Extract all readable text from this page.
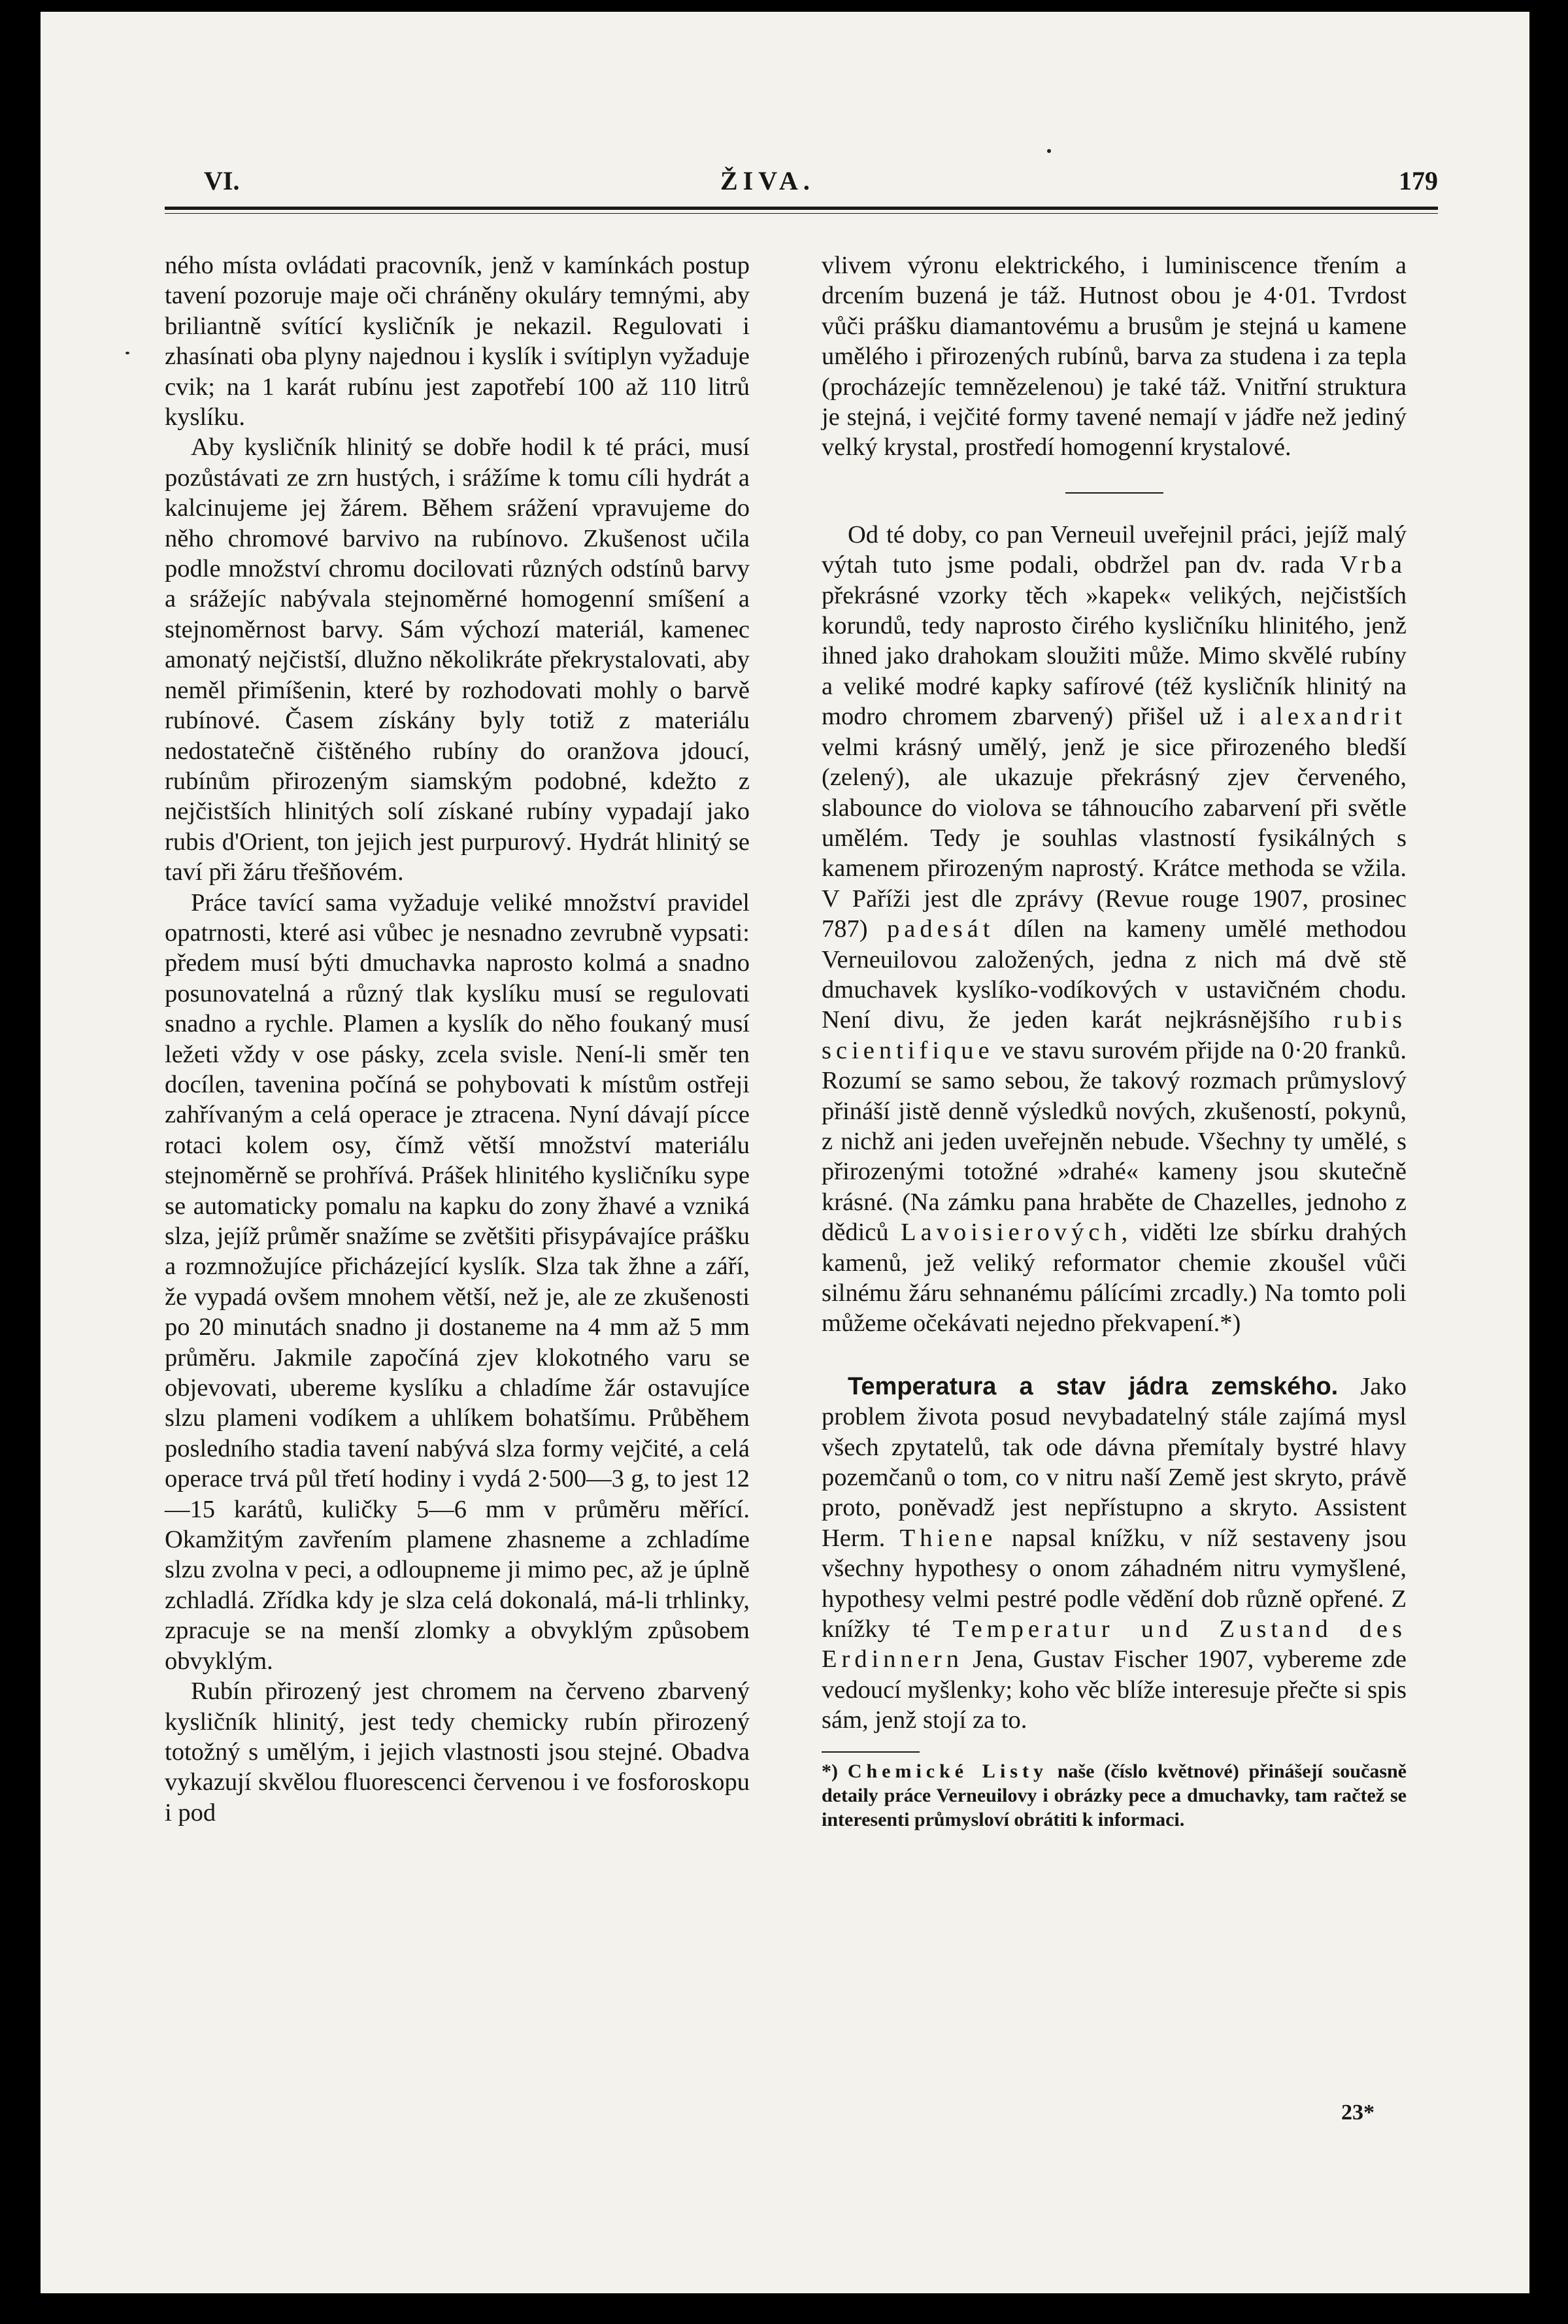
VI.	ŽIVA.	179

ného místa ovládati pracovník, jenž v kamínkách postup tavení pozoruje maje oči chráněny okuláry temnými, aby briliantně svítící kysličník je nekazil. Regulovati i zhasínati oba plyny najednou i kyslík i svítiplyn vyžaduje cvik; na 1 karát rubínu jest zapotřebí 100 až 110 litrů kyslíku.

Aby kysličník hlinitý se dobře hodil k té práci, musí pozůstávati ze zrn hustých, i srážíme k tomu cíli hydrát a kalcinujeme jej žárem. Během srážení vpravujeme do něho chromové barvivo na rubínovo. Zkušenost učila podle množství chromu docilovati různých odstínů barvy a srážejíc nabývala stejnoměrné homogenní smíšení a stejnoměrnost barvy. Sám výchozí materiál, kamenec amonatý nejčistší, dlužno několikráte překrystalovati, aby neměl přimíšenin, které by rozhodovati mohly o barvě rubínové. Časem získány byly totiž z materiálu nedostatečně čištěného rubíny do oranžova jdoucí, rubínům přirozeným siamským podobné, kdežto z nejčistších hlinitých solí získané rubíny vypadají jako rubis d'Orient, ton jejich jest purpurový. Hydrát hlinitý se taví při žáru třešňovém.

Práce tavící sama vyžaduje veliké množství pravidel opatrnosti, které asi vůbec je nesnadno zevrubně vypsati: předem musí býti dmuchavka naprosto kolmá a snadno posunovatelná a různý tlak kyslíku musí se regulovati snadno a rychle. Plamen a kyslík do něho foukaný musí ležeti vždy v ose pásky, zcela svisle. Není-li směr ten docílen, tavenina počíná se pohybovati k místům ostřeji zahřívaným a celá operace je ztracena. Nyní dávají pícce rotaci kolem osy, čímž větší množství materiálu stejnoměrně se prohřívá. Prášek hlinitého kysličníku sype se automaticky pomalu na kapku do zony žhavé a vzniká slza, jejíž průměr snažíme se zvětšiti přisypávajíce prášku a rozmnožujíce přicházející kyslík. Slza tak žhne a září, že vypadá ovšem mnohem větší, než je, ale ze zkušenosti po 20 minutách snadno ji dostaneme na 4 mm až 5 mm průměru. Jakmile započíná zjev klokotného varu se objevovati, ubereme kyslíku a chladíme žár ostavujíce slzu plameni vodíkem a uhlíkem bohatšímu. Průběhem posledního stadia tavení nabývá slza formy vejčité, a celá operace trvá půl třetí hodiny i vydá 2·500—3 g, to jest 12—15 karátů, kuličky 5—6 mm v průměru měřící. Okamžitým zavřením plamene zhasneme a zchladíme slzu zvolna v peci, a odloupneme ji mimo pec, až je úplně zchladlá. Zřídka kdy je slza celá dokonalá, má-li trhlinky, zpracuje se na menší zlomky a obvyklým způsobem obvyklým.

Rubín přirozený jest chromem na červeno zbarvený kysličník hlinitý, jest tedy chemicky rubín přirozený totožný s umělým, i jejich vlastnosti jsou stejné. Obadva vykazují skvělou fluorescenci červenou i ve fosforoskopu i pod

vlivem výronu elektrického, i luminiscence třením a drcením buzená je táž. Hutnost obou je 4·01. Tvrdost vůči prášku diamantovému a brusům je stejná u kamene umělého i přirozených rubínů, barva za studena i za tepla (procházejíc temnězelenou) je také táž. Vnitřní struktura je stejná, i vejčité formy tavené nemají v jádře než jediný velký krystal, prostředí homogenní krystalové.

Od té doby, co pan Verneuil uveřejnil práci, jejíž malý výtah tuto jsme podali, obdržel pan dv. rada Vrba překrásné vzorky těch »kapek« velikých, nejčistších korundů, tedy naprosto čirého kysličníku hlinitého, jenž ihned jako drahokam sloužiti může. Mimo skvělé rubíny a veliké modré kapky safírové (též kysličník hlinitý na modro chromem zbarvený) přišel už i alexandrit velmi krásný umělý, jenž je sice přirozeného bledší (zelený), ale ukazuje překrásný zjev červeného, slabounce do violova se táhnoucího zabarvení při světle umělém. Tedy je souhlas vlastností fysikálných s kamenem přirozeným naprostý. Krátce methoda se vžila. V Paříži jest dle zprávy (Revue rouge 1907, prosinec 787) padesát dílen na kameny umělé methodou Verneuilovou založených, jedna z nich má dvě stě dmuchavek kyslíko-vodíkových v ustavičném chodu. Není divu, že jeden karát nejkrásnějšího rubis scientifique ve stavu surovém přijde na 0·20 franků. Rozumí se samo sebou, že takový rozmach průmyslový přináší jistě denně výsledků nových, zkušeností, pokynů, z nichž ani jeden uveřejněn nebude. Všechny ty umělé, s přirozenými totožné »drahé« kameny jsou skutečně krásné. (Na zámku pana hraběte de Chazelles, jednoho z dědiců Lavoisierových, viděti lze sbírku drahých kamenů, jež veliký reformator chemie zkoušel vůči silnému žáru sehnanému pálícími zrcadly.) Na tomto poli můžeme očekávati nejedno překvapení.*)

Temperatura a stav jádra zemského. Jako problem života posud nevybadatelný stále zajímá mysl všech zpytatelů, tak ode dávna přemítaly bystré hlavy pozemčanů o tom, co v nitru naší Země jest skryto, právě proto, poněvadž jest nepřístupno a skryto. Assistent Herm. Thiene napsal knížku, v níž sestaveny jsou všechny hypothesy o onom záhadném nitru vymyšlené, hypothesy velmi pestré podle vědění dob různě opřené. Z knížky té Temperatur und Zustand des Erdinnern Jena, Gustav Fischer 1907, vybereme zde vedoucí myšlenky; koho věc blíže interesuje přečte si spis sám, jenž stojí za to.

*) Chemické Listy naše (číslo květnové) přinášejí současně detaily práce Verneuilovy i obrázky pece a dmuchavky, tam račtež se interesenti průmysloví obrátiti k informaci.

23*
